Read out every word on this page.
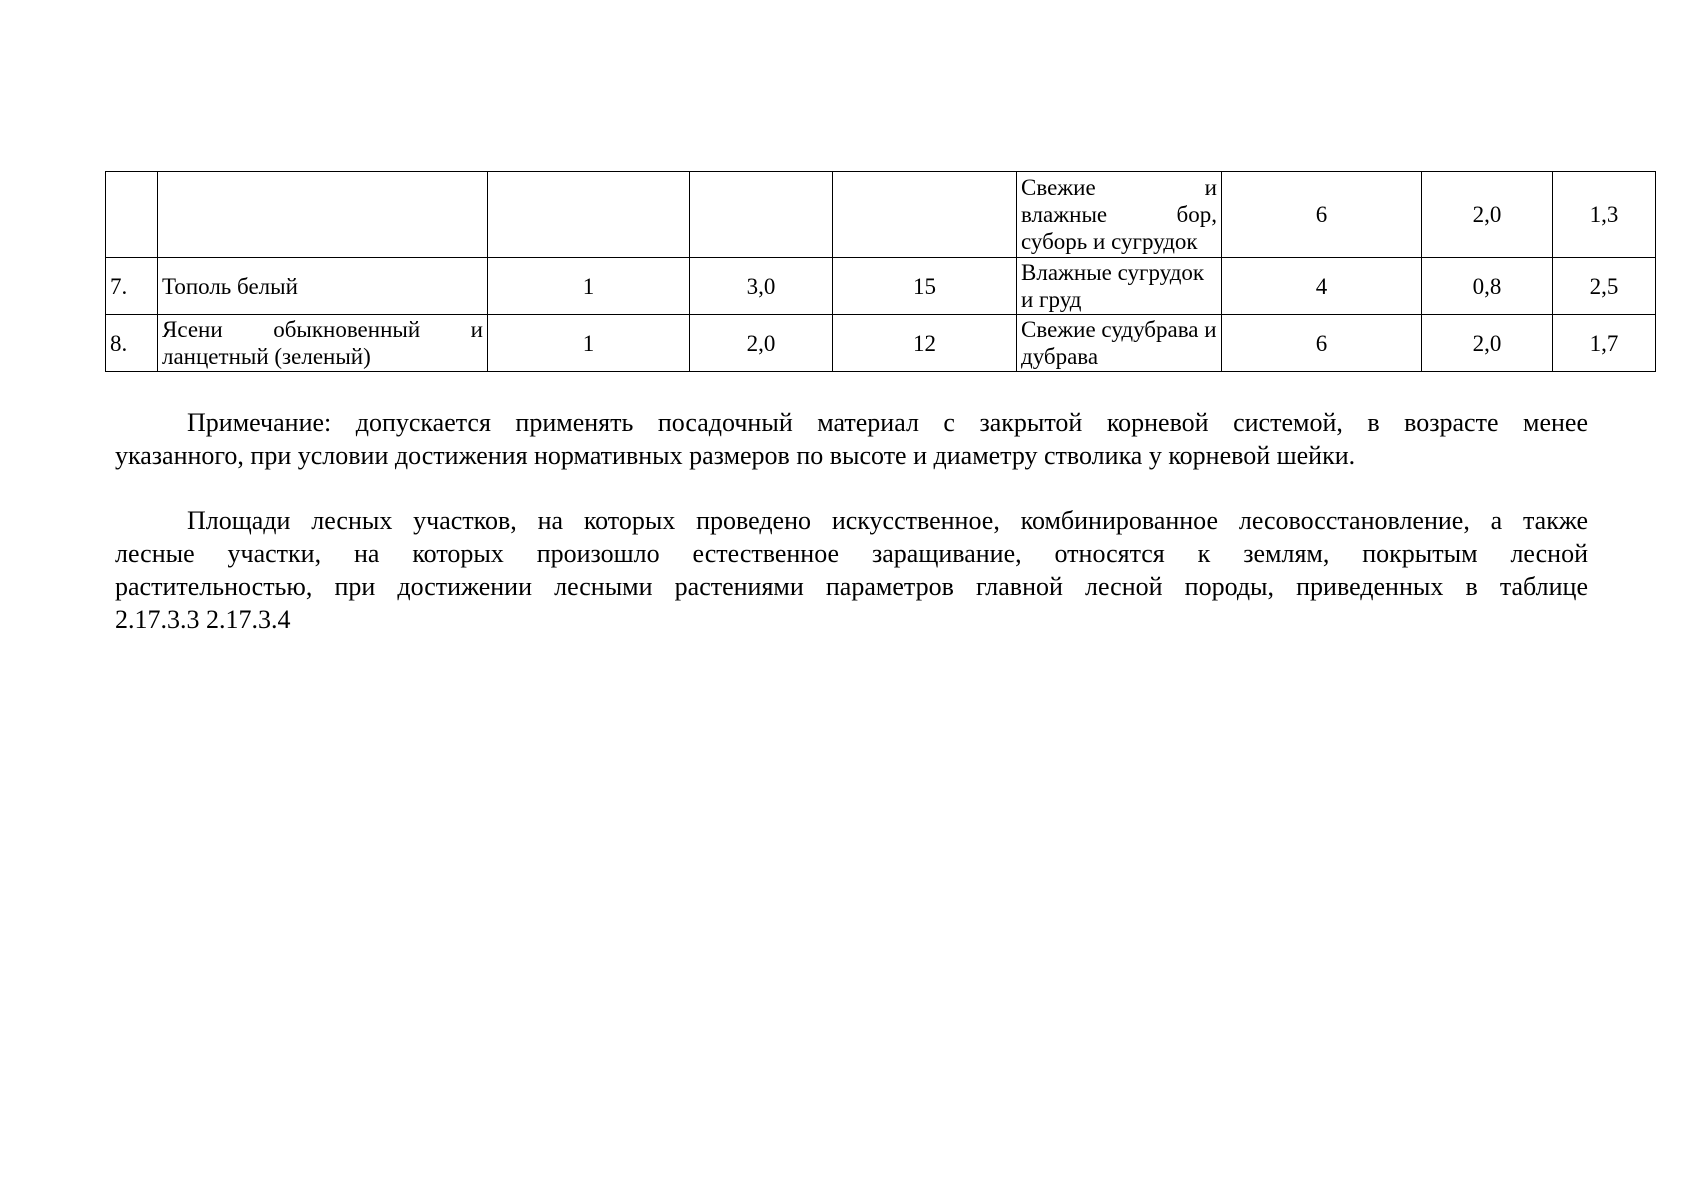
					Свежие и
влажные бор,
суборь и сугрудок	6	2,0	1,3
7.	Тополь белый	1	3,0	15	Влажные сугрудок и груд	4	0,8	2,5
8.	Ясени обыкновенный и
ланцетный (зеленый)	1	2,0	12	Свежие судубрава и дубрава	6	2,0	1,7
Примечание: допускается применять посадочный материал с закрытой корневой системой, в возрасте менее
указанного, при условии достижения нормативных размеров по высоте и диаметру стволика у корневой шейки.
Площади лесных участков, на которых проведено искусственное, комбинированное лесовосстановление, а также
лесные участки, на которых произошло естественное заращивание, относятся к землям, покрытым лесной
растительностью, при достижении лесными растениями параметров главной лесной породы, приведенных в таблице
2.17.3.3 2.17.3.4
